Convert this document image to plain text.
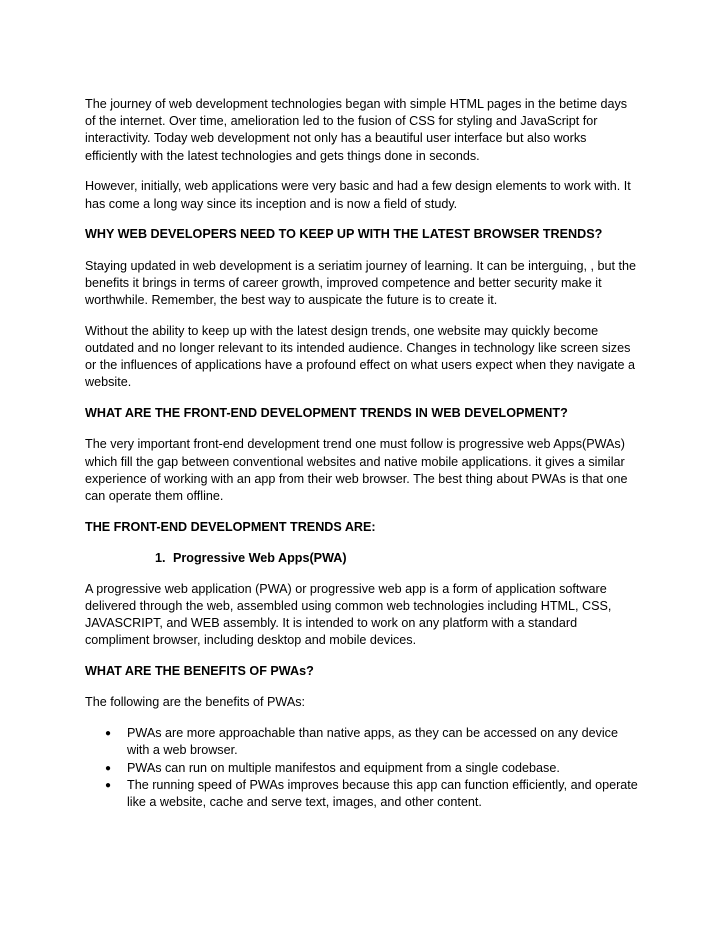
The journey of web development technologies began with simple HTML pages in the betime days of the internet. Over time, amelioration led to the fusion of CSS for styling and JavaScript for interactivity. Today web development not only has a beautiful user interface but also works efficiently with the latest technologies and gets things done in seconds.

However, initially, web applications were very basic and had a few design elements to work with. It has come a long way since its inception and is now a field of study.

WHY WEB DEVELOPERS NEED TO KEEP UP WITH THE LATEST BROWSER TRENDS?

Staying updated in web development is a seriatim journey of learning. It can be interguing, , but the benefits it brings in terms of career growth, improved competence and better security make it worthwhile. Remember, the best way to auspicate the future is to create it.

Without the ability to keep up with the latest design trends, one website may quickly become outdated and no longer relevant to its intended audience. Changes in technology like screen sizes or the influences of applications have a profound effect on what users expect when they navigate a website.

WHAT ARE THE FRONT-END DEVELOPMENT TRENDS IN WEB DEVELOPMENT?

The very important front-end development trend one must follow is progressive web Apps(PWAs) which fill the gap between conventional websites and native mobile applications. it gives a similar experience of working with an app from their web browser. The best thing about PWAs is that one can operate them offline.

THE FRONT-END DEVELOPMENT TRENDS ARE:
1. Progressive Web Apps(PWA)

A progressive web application (PWA) or progressive web app is a form of application software delivered through the web, assembled using common web technologies including HTML, CSS, JAVASCRIPT, and WEB assembly. It is intended to work on any platform with a standard compliment browser, including desktop and mobile devices.

WHAT ARE THE BENEFITS OF PWAs?

The following are the benefits of PWAs:

● PWAs are more approachable than native apps, as they can be accessed on any device with a web browser.
● PWAs can run on multiple manifestos and equipment from a single codebase.
● The running speed of PWAs improves because this app can function efficiently, and operate like a website, cache and serve text, images, and other content.
